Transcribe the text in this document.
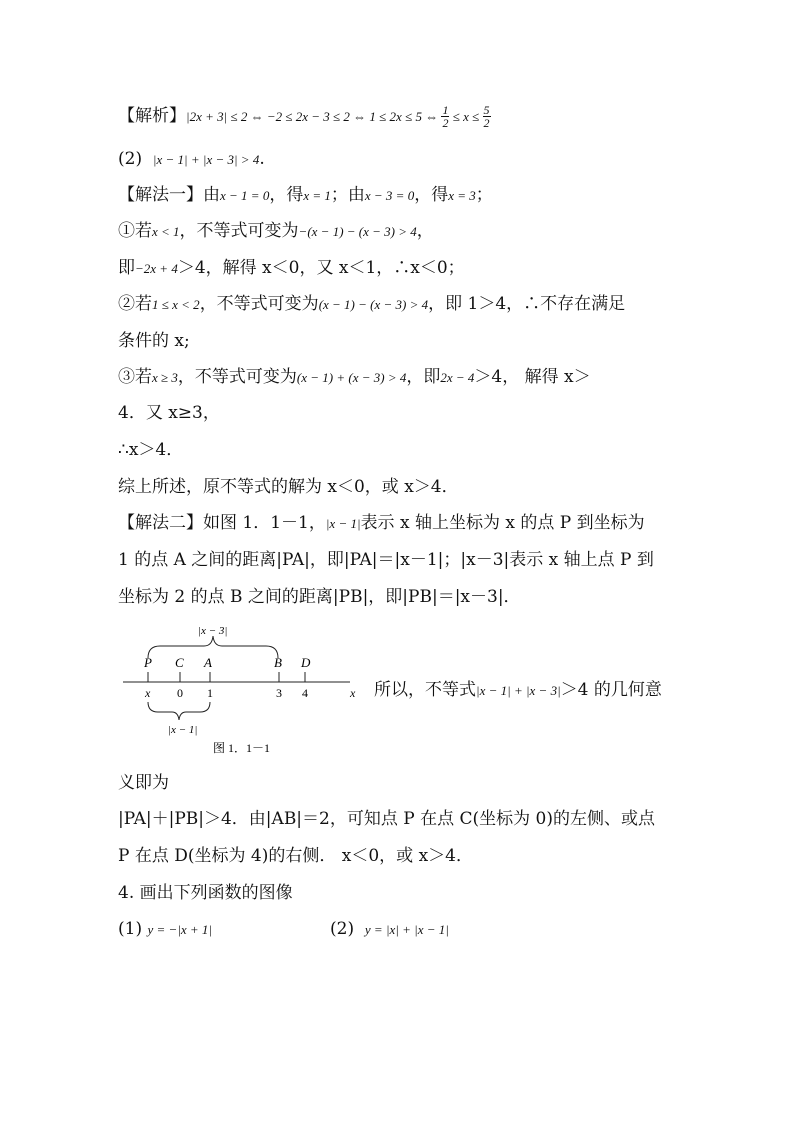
【解析】|2x + 3| ≤ 2 ⇔ −2 ≤ 2x − 3 ≤ 2 ⇔ 1 ≤ 2x ≤ 5 ⇔ $\frac{1}{2} \le x \le \frac{5}{2}$
(2) |x − 1| + |x − 3| > 4.
【解法一】由x − 1 = 0，得x = 1；由x − 3 = 0，得x = 3；
①若x < 1，不等式可变为−(x − 1) − (x − 3) > 4，
即−2x + 4＞4，解得 x＜0，又 x＜1，∴x＜0；
②若1 ≤ x < 2，不等式可变为(x − 1) − (x − 3) > 4，即 1＞4，∴不存在满足
条件的 x;
③若x ≥ 3，不等式可变为(x − 1) + (x − 3) > 4，即2x − 4＞4， 解得 x＞
4．又 x≥3，
∴x＞4．
综上所述，原不等式的解为 x＜0，或 x＞4．
【解法二】如图 1．1－1，|x − 1|表示 x 轴上坐标为 x 的点 P 到坐标为
1 的点 A 之间的距离|PA|，即|PA|＝|x－1|；|x－3|表示 x 轴上点 P 到
坐标为 2 的点 B 之间的距离|PB|，即|PB|＝|x－3|．
|x − 3|
P C A	B D
x 0 1	3 4	x
|x − 1|
图 1．1－1
所以，不等式|x − 1| + |x − 3|＞4 的几何意
义即为
|PA|＋|PB|＞4．由|AB|＝2，可知点 P 在点 C(坐标为 0)的左侧、或点
P 在点 D(坐标为 4)的右侧． x＜0，或 x＞4．
4. 画出下列函数的图像
(1) y = −|x + 1|	(2) y = |x| + |x − 1|
